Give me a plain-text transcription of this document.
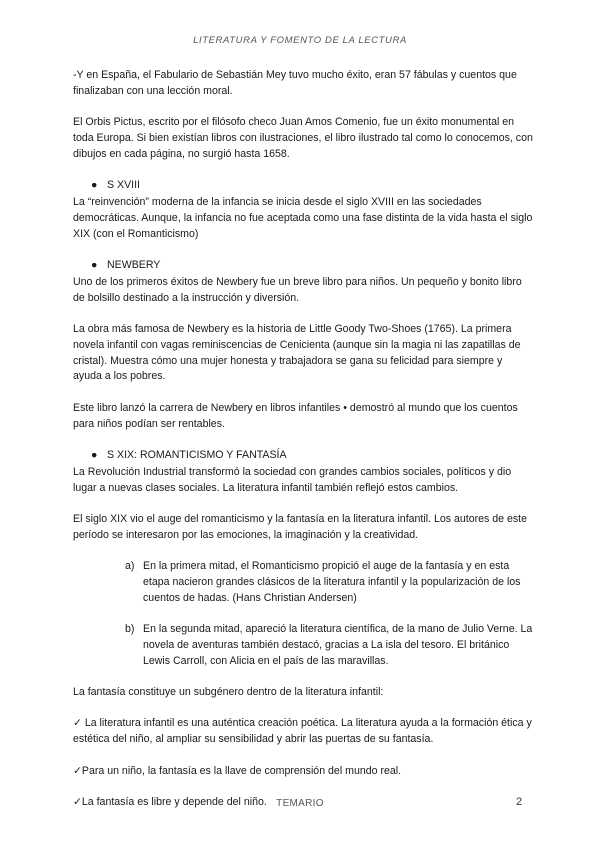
LITERATURA Y FOMENTO DE LA LECTURA

-Y en España, el Fabulario de Sebastián Mey tuvo mucho éxito, eran 57 fábulas y cuentos que finalizaban con una lección moral.

El Orbis Pictus, escrito por el filósofo checo Juan Amos Comenio, fue un éxito monumental en toda Europa. Si bien existían libros con ilustraciones, el libro ilustrado tal como lo conocemos, con dibujos en cada página, no surgió hasta 1658.

● S XVIII

La “reinvención” moderna de la infancia se inicia desde el siglo XVIII en las sociedades democráticas. Aunque, la infancia no fue aceptada como una fase distinta de la vida hasta el siglo XIX (con el Romanticismo)

● NEWBERY

Uno de los primeros éxitos de Newbery fue un breve libro para niños. Un pequeño y bonito libro de bolsillo destinado a la instrucción y diversión.

La obra más famosa de Newbery es la historia de Little Goody Two-Shoes (1765). La primera novela infantil con vagas reminiscencias de Cenicienta (aunque sin la magia ni las zapatillas de cristal). Muestra cómo una mujer honesta y trabajadora se gana su felicidad para siempre y ayuda a los pobres.

Este libro lanzó la carrera de Newbery en libros infantiles • demostró al mundo que los cuentos para niños podían ser rentables.

● S XIX: ROMANTICISMO Y FANTASÍA

La Revolución Industrial transformó la sociedad con grandes cambios sociales, políticos y dio lugar a nuevas clases sociales. La literatura infantil también reflejó estos cambios.

El siglo XIX vio el auge del romanticismo y la fantasía en la literatura infantil. Los autores de este período se interesaron por las emociones, la imaginación y la creatividad.

a) En la primera mitad, el Romanticismo propició el auge de la fantasía y en esta etapa nacieron grandes clásicos de la literatura infantil y la popularización de los cuentos de hadas. (Hans Christian Andersen)
b) En la segunda mitad, apareció la literatura científica, de la mano de Julio Verne. La novela de aventuras también destacó, gracias a La isla del tesoro. El británico Lewis Carroll, con Alicia en el país de las maravillas.

La fantasía constituye un subgénero dentro de la literatura infantil:

✓ La literatura infantil es una auténtica creación poética. La literatura ayuda a la formación ética y estética del niño, al ampliar su sensibilidad y abrir las puertas de su fantasía.

✓Para un niño, la fantasía es la llave de comprensión del mundo real.

✓La fantasía es libre y depende del niño. TEMARIO	2
